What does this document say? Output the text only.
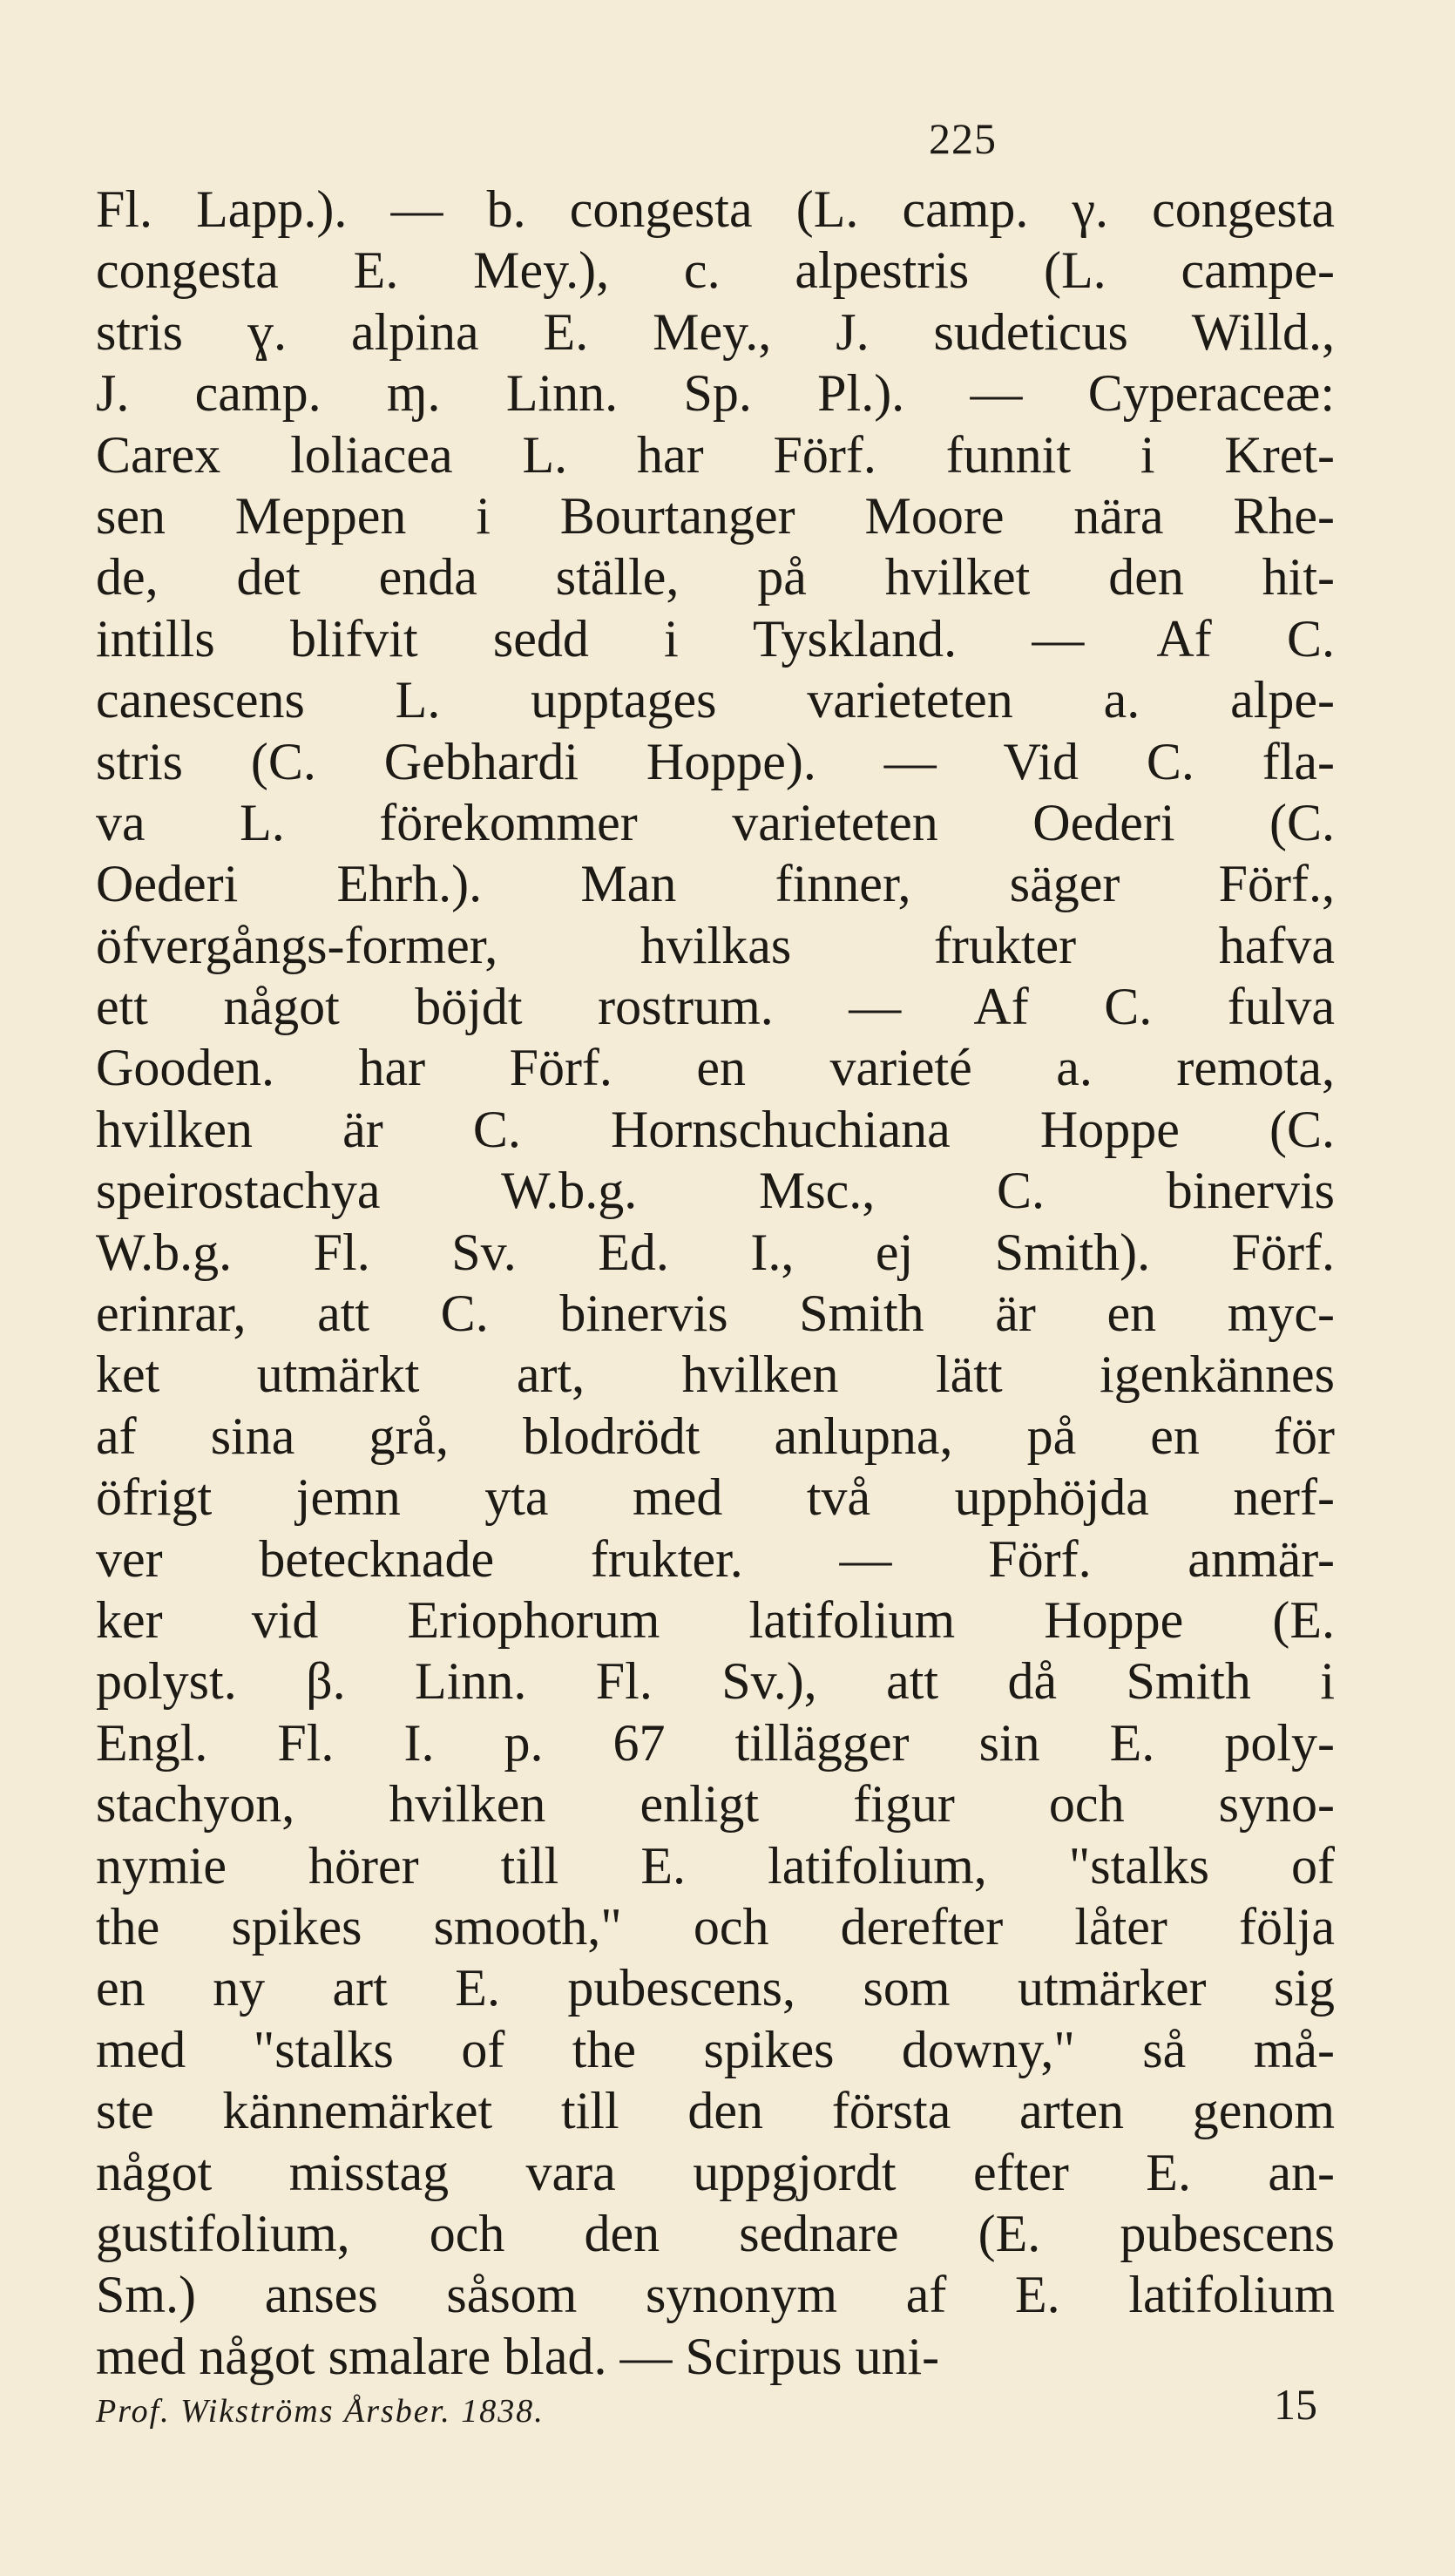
225
Fl. Lapp.). — b. congesta (L. camp. γ. congesta
congesta E. Mey.), c. alpestris (L. campe-
stris ɣ. alpina E. Mey., J. sudeticus Willd.,
J. camp. ɱ. Linn. Sp. Pl.). — Cyperaceæ:
Carex loliacea L. har Förf. funnit i Kret-
sen Meppen i Bourtanger Moore nära Rhe-
de, det enda ställe, på hvilket den hit-
intills blifvit sedd i Tyskland. — Af C.
canescens L. upptages varieteten a. alpe-
stris (C. Gebhardi Hoppe). — Vid C. fla-
va L. förekommer varieteten Oederi (C.
Oederi Ehrh.). Man finner, säger Förf.,
öfvergångs-former, hvilkas frukter hafva
ett något böjdt rostrum. — Af C. fulva
Gooden. har Förf. en varieté a. remota,
hvilken är C. Hornschuchiana Hoppe (C.
speirostachya W.b.g. Msc., C. binervis
W.b.g. Fl. Sv. Ed. I., ej Smith). Förf.
erinrar, att C. binervis Smith är en myc-
ket utmärkt art, hvilken lätt igenkännes
af sina grå, blodrödt anlupna, på en för
öfrigt jemn yta med två upphöjda nerf-
ver betecknade frukter. — Förf. anmär-
ker vid Eriophorum latifolium Hoppe (E.
polyst. β. Linn. Fl. Sv.), att då Smith i
Engl. Fl. I. p. 67 tillägger sin E. poly-
stachyon, hvilken enligt figur och syno-
nymie hörer till E. latifolium, "stalks of
the spikes smooth," och derefter låter följa
en ny art E. pubescens, som utmärker sig
med "stalks of the spikes downy," så må-
ste kännemärket till den första arten genom
något misstag vara uppgjordt efter E. an-
gustifolium, och den sednare (E. pubescens
Sm.) anses såsom synonym af E. latifolium
med något smalare blad. — Scirpus uni-
Prof. Wikströms Årsber. 1838.	15
